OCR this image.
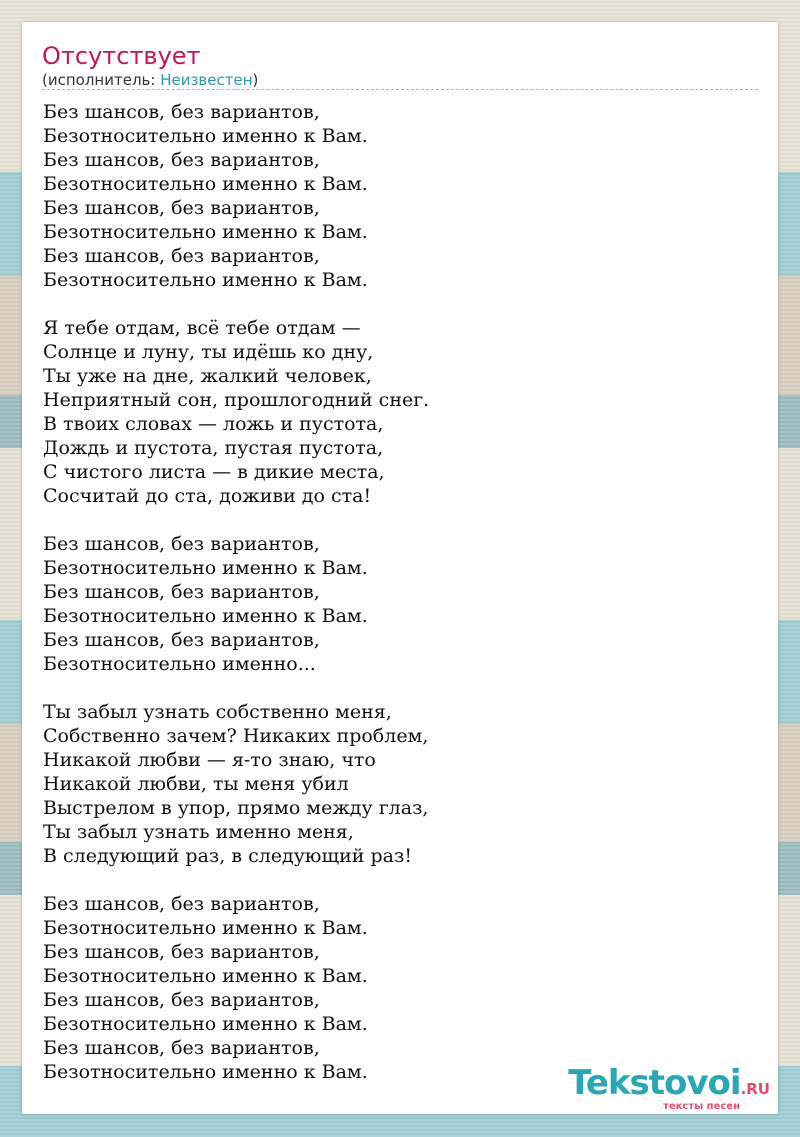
Отсутствует
(исполнитель: Неизвестен)
Без шансов, без вариантов,
Безотносительно именно к Вам.
Без шансов, без вариантов,
Безотносительно именно к Вам.
Без шансов, без вариантов,
Безотносительно именно к Вам.
Без шансов, без вариантов,
Безотносительно именно к Вам.
Я тебе отдам, всё тебе отдам —
Солнце и луну, ты идёшь ко дну,
Ты уже на дне, жалкий человек,
Неприятный сон, прошлогодний снег.
В твоих словах — ложь и пустота,
Дождь и пустота, пустая пустота,
С чистого листа — в дикие места,
Сосчитай до ста, доживи до ста!
Без шансов, без вариантов,
Безотносительно именно к Вам.
Без шансов, без вариантов,
Безотносительно именно к Вам.
Без шансов, без вариантов,
Безотносительно именно...
Ты забыл узнать собственно меня,
Собственно зачем? Никаких проблем,
Никакой любви — я-то знаю, что
Никакой любви, ты меня убил
Выстрелом в упор, прямо между глаз,
Ты забыл узнать именно меня,
В следующий раз, в следующий раз!
Без шансов, без вариантов,
Безотносительно именно к Вам.
Без шансов, без вариантов,
Безотносительно именно к Вам.
Без шансов, без вариантов,
Безотносительно именно к Вам.
Без шансов, без вариантов,
Безотносительно именно к Вам.	Tekstovoi.RU
тексты песен
